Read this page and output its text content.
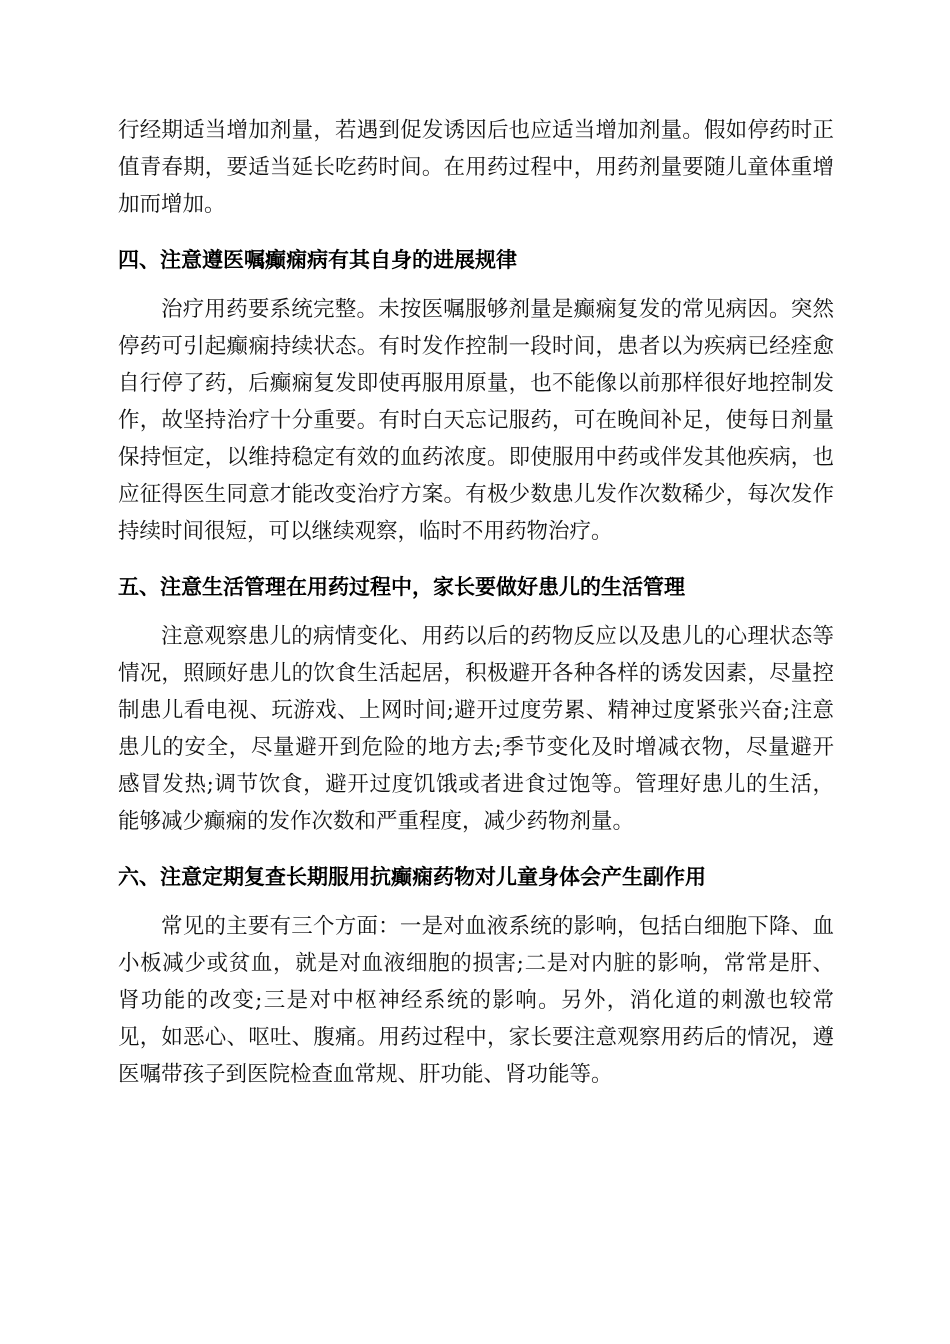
行经期适当增加剂量，若遇到促发诱因后也应适当增加剂量。假如停药时正值青春期，要适当延长吃药时间。在用药过程中，用药剂量要随儿童体重增加而增加。

四、注意遵医嘱癫痫病有其自身的进展规律

治疗用药要系统完整。未按医嘱服够剂量是癫痫复发的常见病因。突然停药可引起癫痫持续状态。有时发作控制一段时间，患者以为疾病已经痊愈自行停了药，后癫痫复发即使再服用原量，也不能像以前那样很好地控制发作，故坚持治疗十分重要。有时白天忘记服药，可在晚间补足，使每日剂量保持恒定，以维持稳定有效的血药浓度。即使服用中药或伴发其他疾病，也应征得医生同意才能改变治疗方案。有极少数患儿发作次数稀少，每次发作持续时间很短，可以继续观察，临时不用药物治疗。

五、注意生活管理在用药过程中，家长要做好患儿的生活管理

注意观察患儿的病情变化、用药以后的药物反应以及患儿的心理状态等情况，照顾好患儿的饮食生活起居，积极避开各种各样的诱发因素，尽量控制患儿看电视、玩游戏、上网时间;避开过度劳累、精神过度紧张兴奋;注意患儿的安全，尽量避开到危险的地方去;季节变化及时增减衣物，尽量避开感冒发热;调节饮食，避开过度饥饿或者进食过饱等。管理好患儿的生活，能够减少癫痫的发作次数和严重程度，减少药物剂量。

六、注意定期复查长期服用抗癫痫药物对儿童身体会产生副作用

常见的主要有三个方面：一是对血液系统的影响，包括白细胞下降、血小板减少或贫血，就是对血液细胞的损害;二是对内脏的影响，常常是肝、肾功能的改变;三是对中枢神经系统的影响。另外，消化道的刺激也较常见，如恶心、呕吐、腹痛。用药过程中，家长要注意观察用药后的情况，遵医嘱带孩子到医院检查血常规、肝功能、肾功能等。
